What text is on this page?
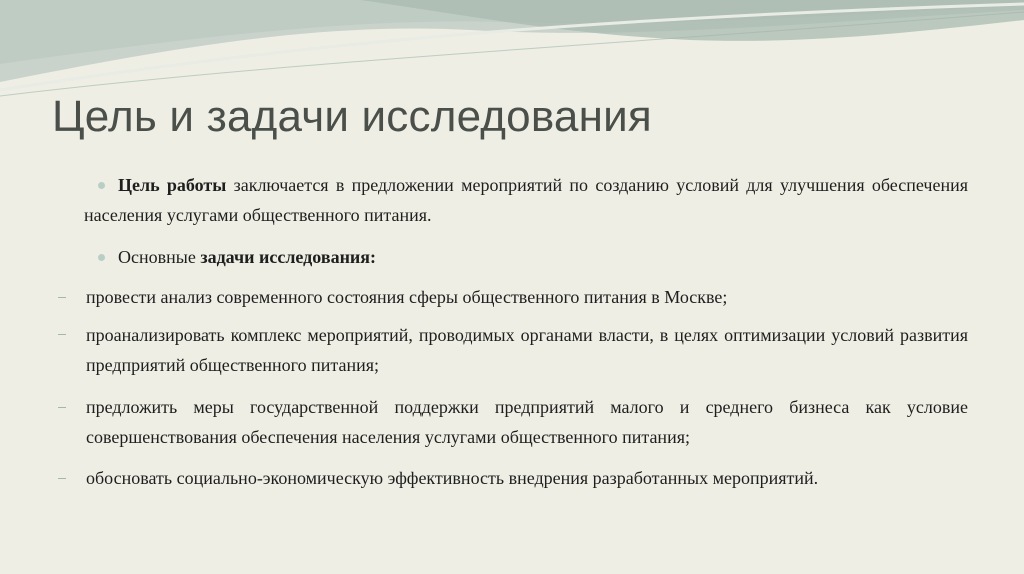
Цель и задачи исследования
Цель работы заключается в предложении мероприятий по созданию условий для улучшения обеспечения населения услугами общественного питания.
Основные задачи исследования:
провести анализ современного состояния сферы общественного питания в Москве;
проанализировать комплекс мероприятий, проводимых органами власти, в целях оптимизации условий развития предприятий общественного питания;
предложить меры государственной поддержки предприятий малого и среднего бизнеса как условие совершенствования обеспечения населения услугами общественного питания;
обосновать социально-экономическую эффективность внедрения разработанных мероприятий.
